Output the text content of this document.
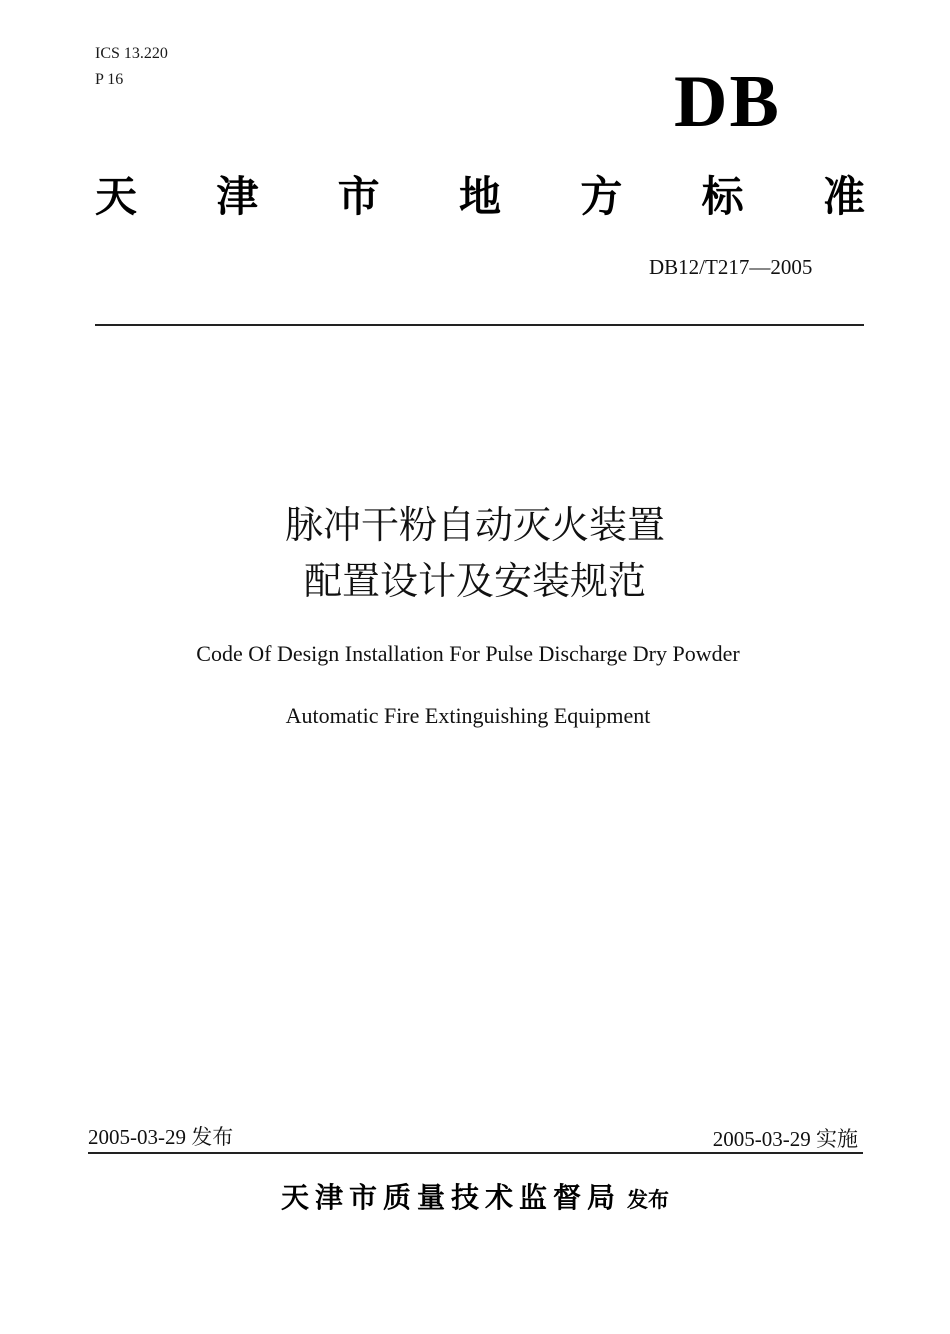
ICS 13.220
P 16	DB
天 津 市 地 方 标 准
DB12/T217—2005
脉冲干粉自动灭火装置
配置设计及安装规范
Code Of Design Installation For Pulse Discharge Dry Powder
Automatic Fire Extinguishing Equipment
2005-03-29 发布	2005-03-29 实施
天津市质量技术监督局 发布
